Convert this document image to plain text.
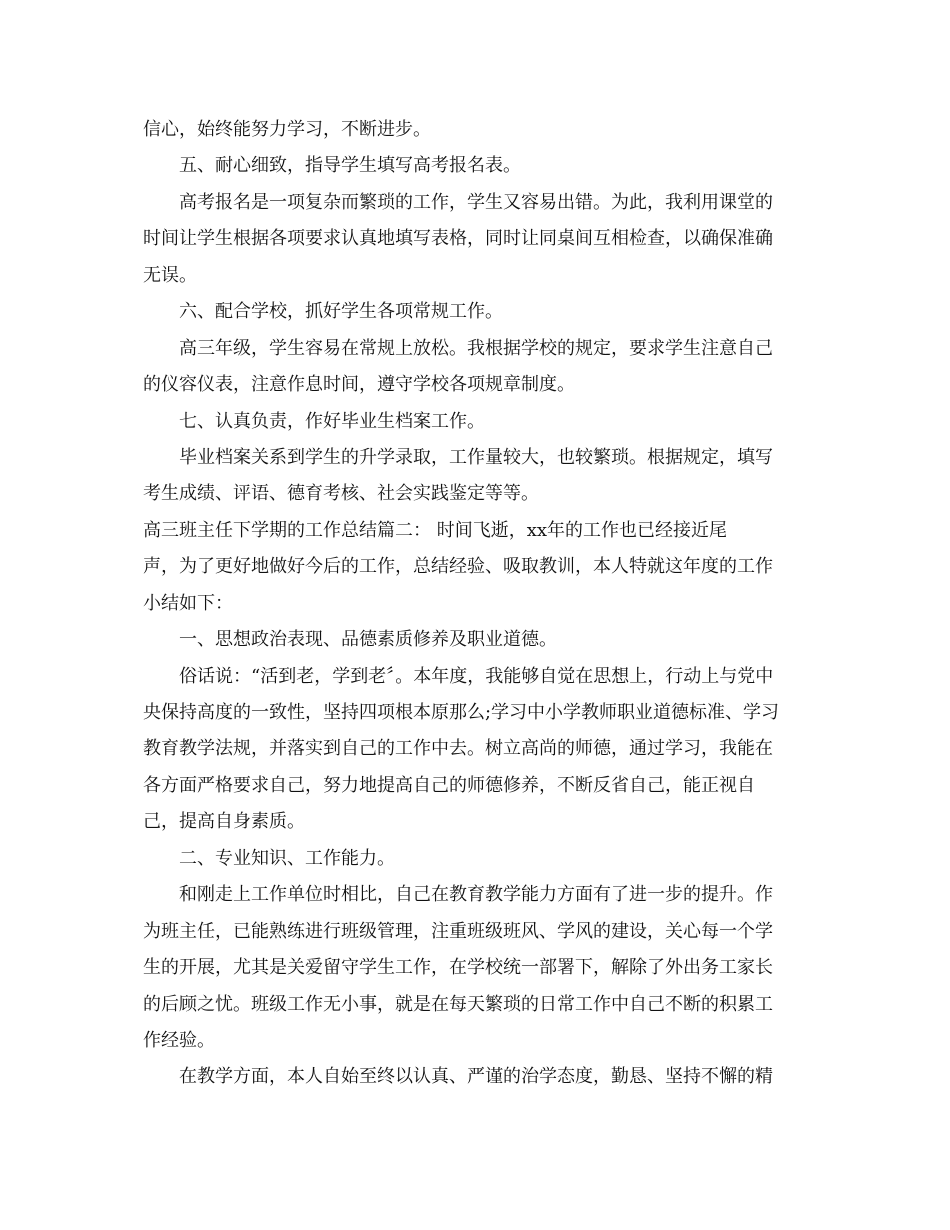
信心，始终能努力学习，不断进步。
五、耐心细致，指导学生填写高考报名表。
高考报名是一项复杂而繁琐的工作，学生又容易出错。为此，我利用课堂的
时间让学生根据各项要求认真地填写表格，同时让同桌间互相检查，以确保准确
无误。
六、配合学校，抓好学生各项常规工作。
高三年级，学生容易在常规上放松。我根据学校的规定，要求学生注意自己
的仪容仪表，注意作息时间，遵守学校各项规章制度。
七、认真负责，作好毕业生档案工作。
毕业档案关系到学生的升学录取，工作量较大，也较繁琐。根据规定，填写
考生成绩、评语、德育考核、社会实践鉴定等等。
高三班主任下学期的工作总结篇二： 时间飞逝，xx年的工作也已经接近尾
声，为了更好地做好今后的工作，总结经验、吸取教训，本人特就这年度的工作
小结如下：
一、思想政治表现、品德素质修养及职业道德。
俗话说：“活到老，学到老〞。本年度，我能够自觉在思想上，行动上与党中
央保持高度的一致性，坚持四项根本原那么;学习中小学教师职业道德标准、学习
教育教学法规，并落实到自己的工作中去。树立高尚的师德，通过学习，我能在
各方面严格要求自己，努力地提高自己的师德修养，不断反省自己，能正视自
己，提高自身素质。
二、专业知识、工作能力。
和刚走上工作单位时相比，自己在教育教学能力方面有了进一步的提升。作
为班主任，已能熟练进行班级管理，注重班级班风、学风的建设，关心每一个学
生的开展，尤其是关爱留守学生工作，在学校统一部署下，解除了外出务工家长
的后顾之忧。班级工作无小事，就是在每天繁琐的日常工作中自己不断的积累工
作经验。
在教学方面，本人自始至终以认真、严谨的治学态度，勤恳、坚持不懈的精
